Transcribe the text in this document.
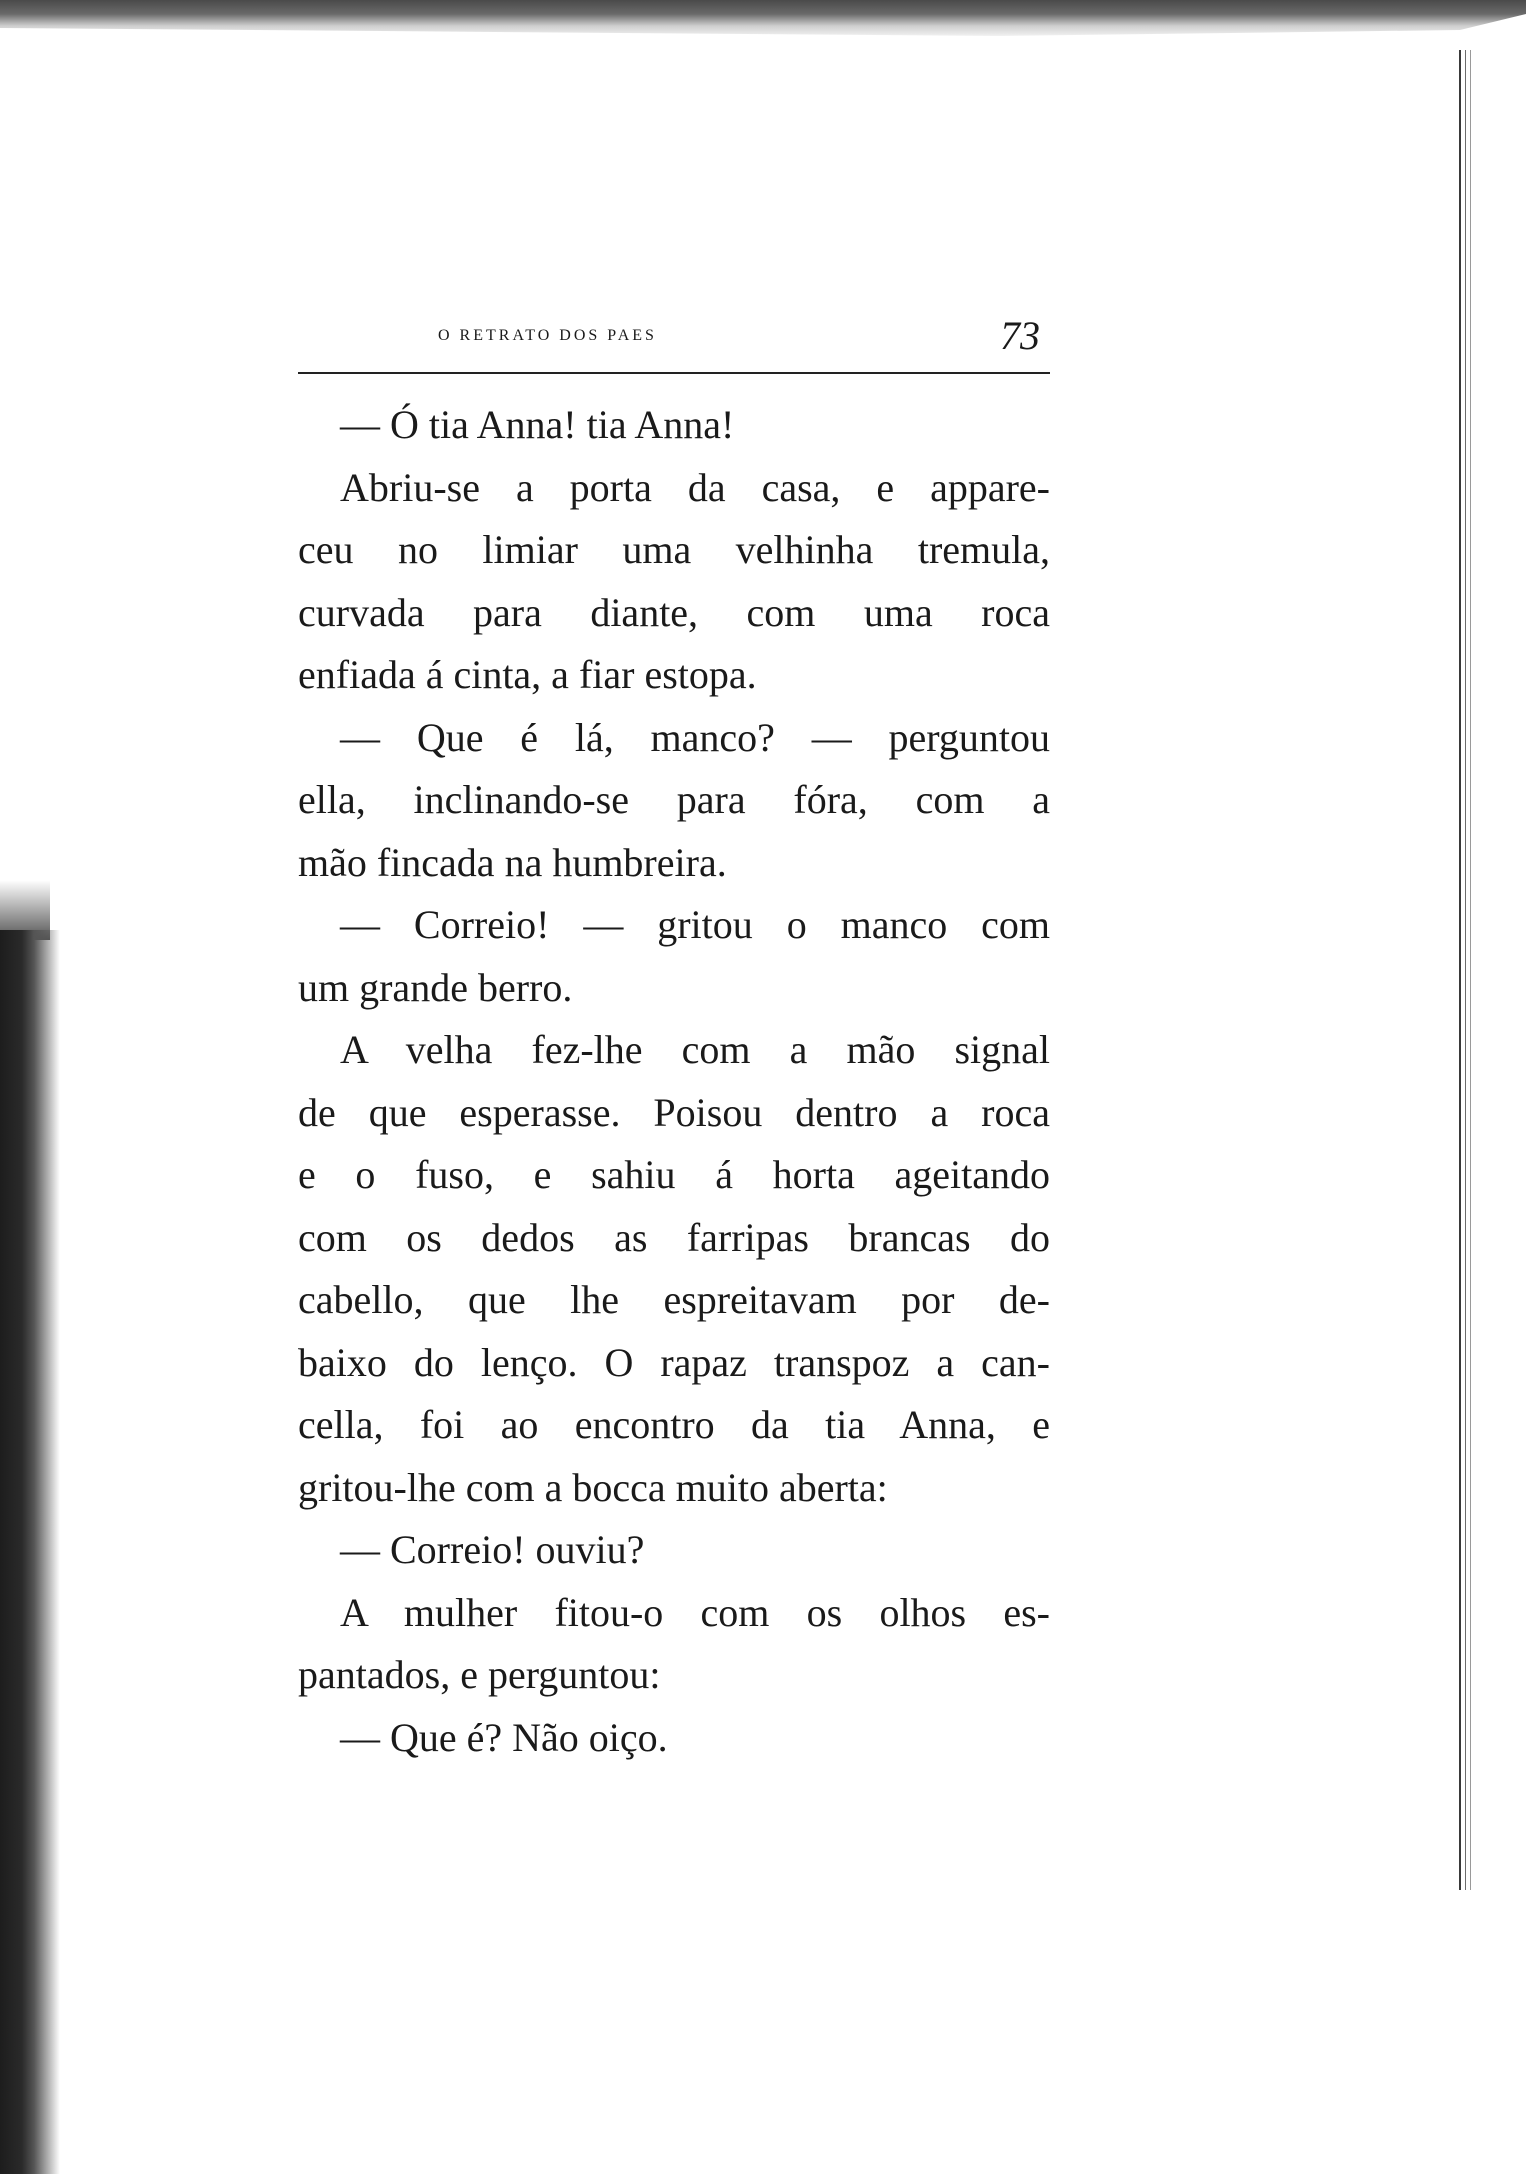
o retrato dos paes	73
— Ó tia Anna! tia Anna!
Abriu-se a porta da casa, e appare-
ceu no limiar uma velhinha tremula,
curvada para diante, com uma roca
enfiada á cinta, a fiar estopa.
— Que é lá, manco? — perguntou
ella, inclinando-se para fóra, com a
mão fincada na humbreira.
— Correio! — gritou o manco com
um grande berro.
A velha fez-lhe com a mão signal
de que esperasse. Poisou dentro a roca
e o fuso, e sahiu á horta ageitando
com os dedos as farripas brancas do
cabello, que lhe espreitavam por de-
baixo do lenço. O rapaz transpoz a can-
cella, foi ao encontro da tia Anna, e
gritou-lhe com a bocca muito aberta:
— Correio! ouviu?
A mulher fitou-o com os olhos es-
pantados, e perguntou:
— Que é? Não oiço.
